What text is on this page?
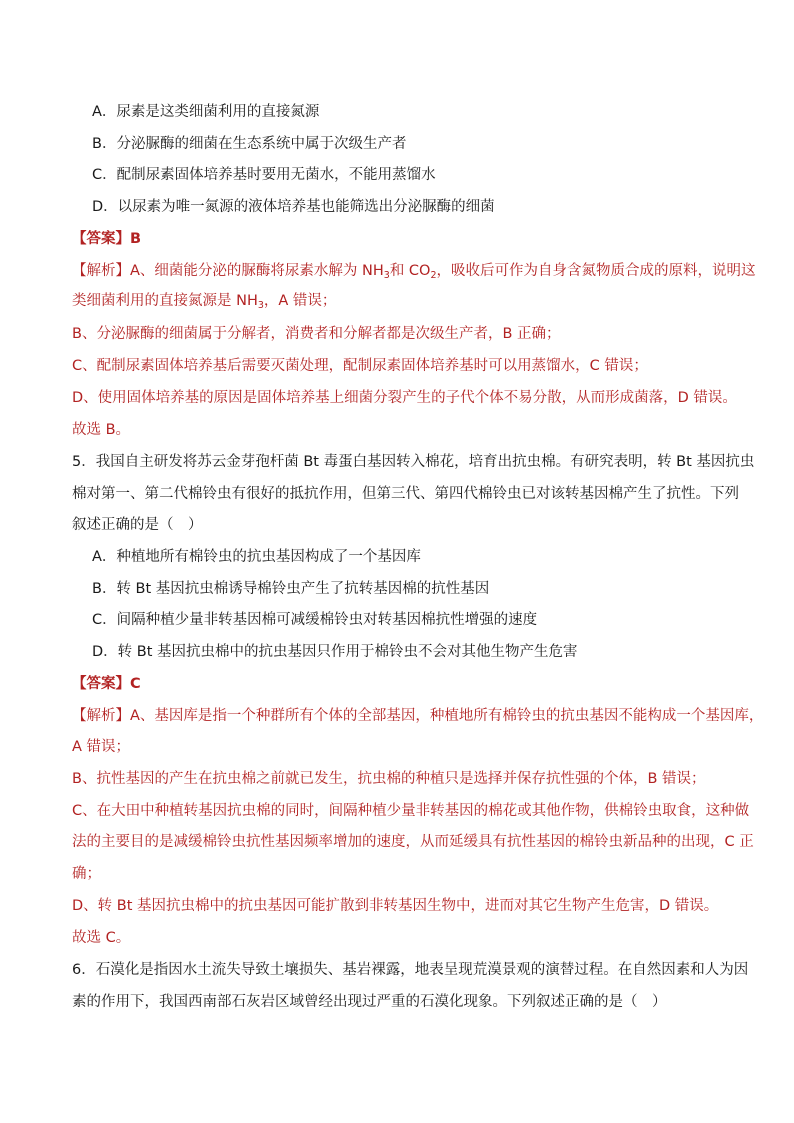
A．尿素是这类细菌利用的直接氮源
B．分泌脲酶的细菌在生态系统中属于次级生产者
C．配制尿素固体培养基时要用无菌水，不能用蒸馏水
D．以尿素为唯一氮源的液体培养基也能筛选出分泌脲酶的细菌
【答案】B
【解析】A、细菌能分泌的脲酶将尿素水解为 $NH_3$和 $CO_2$，吸收后可作为自身含氮物质合成的原料，说明这
类细菌利用的直接氮源是 $NH_3$，A 错误；
B、分泌脲酶的细菌属于分解者，消费者和分解者都是次级生产者，B 正确；
C、配制尿素固体培养基后需要灭菌处理，配制尿素固体培养基时可以用蒸馏水，C 错误；
D、使用固体培养基的原因是固体培养基上细菌分裂产生的子代个体不易分散，从而形成菌落，D 错误。
故选 B。
5．我国自主研发将苏云金芽孢杆菌 Bt 毒蛋白基因转入棉花，培育出抗虫棉。有研究表明，转 Bt 基因抗虫
棉对第一、第二代棉铃虫有很好的抵抗作用，但第三代、第四代棉铃虫已对该转基因棉产生了抗性。下列
叙述正确的是（　）
A．种植地所有棉铃虫的抗虫基因构成了一个基因库
B．转 Bt 基因抗虫棉诱导棉铃虫产生了抗转基因棉的抗性基因
C．间隔种植少量非转基因棉可减缓棉铃虫对转基因棉抗性增强的速度
D．转 Bt 基因抗虫棉中的抗虫基因只作用于棉铃虫不会对其他生物产生危害
【答案】C
【解析】A、基因库是指一个种群所有个体的全部基因，种植地所有棉铃虫的抗虫基因不能构成一个基因库，
A 错误；
B、抗性基因的产生在抗虫棉之前就已发生，抗虫棉的种植只是选择并保存抗性强的个体，B 错误；
C、在大田中种植转基因抗虫棉的同时，间隔种植少量非转基因的棉花或其他作物，供棉铃虫取食，这种做
法的主要目的是减缓棉铃虫抗性基因频率增加的速度，从而延缓具有抗性基因的棉铃虫新品种的出现，C 正
确；
D、转 Bt 基因抗虫棉中的抗虫基因可能扩散到非转基因生物中，进而对其它生物产生危害，D 错误。
故选 C。
6．石漠化是指因水土流失导致土壤损失、基岩裸露，地表呈现荒漠景观的演替过程。在自然因素和人为因
素的作用下，我国西南部石灰岩区域曾经出现过严重的石漠化现象。下列叙述正确的是（　）
